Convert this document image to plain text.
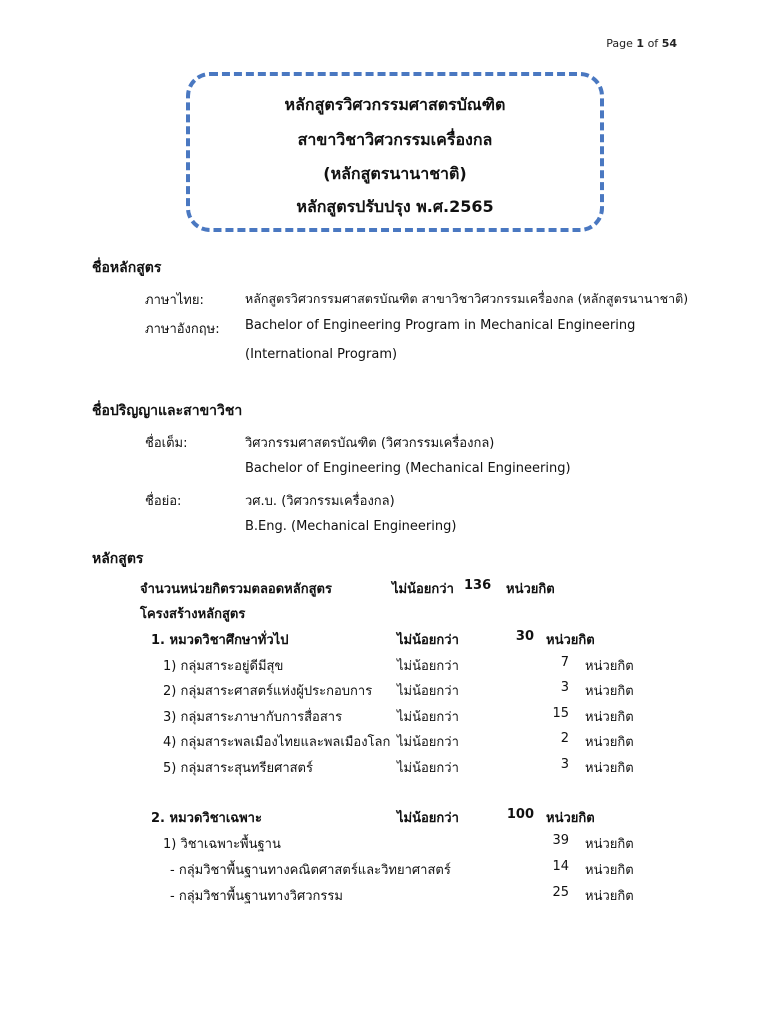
Page 1 of 54
หลักสูตรวิศวกรรมศาสตรบัณฑิต
สาขาวิชาวิศวกรรมเครื่องกล
(หลักสูตรนานาชาติ)
หลักสูตรปรับปรุง พ.ศ.2565
ชื่อหลักสูตร
ภาษาไทย:	หลักสูตรวิศวกรรมศาสตรบัณฑิต สาขาวิชาวิศวกรรมเครื่องกล (หลักสูตรนานาชาติ)
ภาษาอังกฤษ: Bachelor of Engineering Program in Mechanical Engineering
(International Program)
ชื่อปริญญาและสาขาวิชา
ชื่อเต็ม:	วิศวกรรมศาสตรบัณฑิต (วิศวกรรมเครื่องกล)
Bachelor of Engineering (Mechanical Engineering)
ชื่อย่อ:	วศ.บ. (วิศวกรรมเครื่องกล)
B.Eng. (Mechanical Engineering)
หลักสูตร
จำนวนหน่วยกิตรวมตลอดหลักสูตร	ไม่น้อยกว่า 136 หน่วยกิต
โครงสร้างหลักสูตร
1. หมวดวิชาศึกษาทั่วไป	ไม่น้อยกว่า	30 หน่วยกิต
1) กลุ่มสาระอยู่ดีมีสุข	ไม่น้อยกว่า	7 หน่วยกิต
2) กลุ่มสาระศาสตร์แห่งผู้ประกอบการ ไม่น้อยกว่า	3 หน่วยกิต
3) กลุ่มสาระภาษากับการสื่อสาร	ไม่น้อยกว่า	15 หน่วยกิต
4) กลุ่มสาระพลเมืองไทยและพลเมืองโลก ไม่น้อยกว่า	2 หน่วยกิต
5) กลุ่มสาระสุนทรียศาสตร์	ไม่น้อยกว่า	3 หน่วยกิต
2. หมวดวิชาเฉพาะ	ไม่น้อยกว่า	100 หน่วยกิต
1) วิชาเฉพาะพื้นฐาน	39 หน่วยกิต
- กลุ่มวิชาพื้นฐานทางคณิตศาสตร์และวิทยาศาสตร์	14 หน่วยกิต
- กลุ่มวิชาพื้นฐานทางวิศวกรรม	25 หน่วยกิต
